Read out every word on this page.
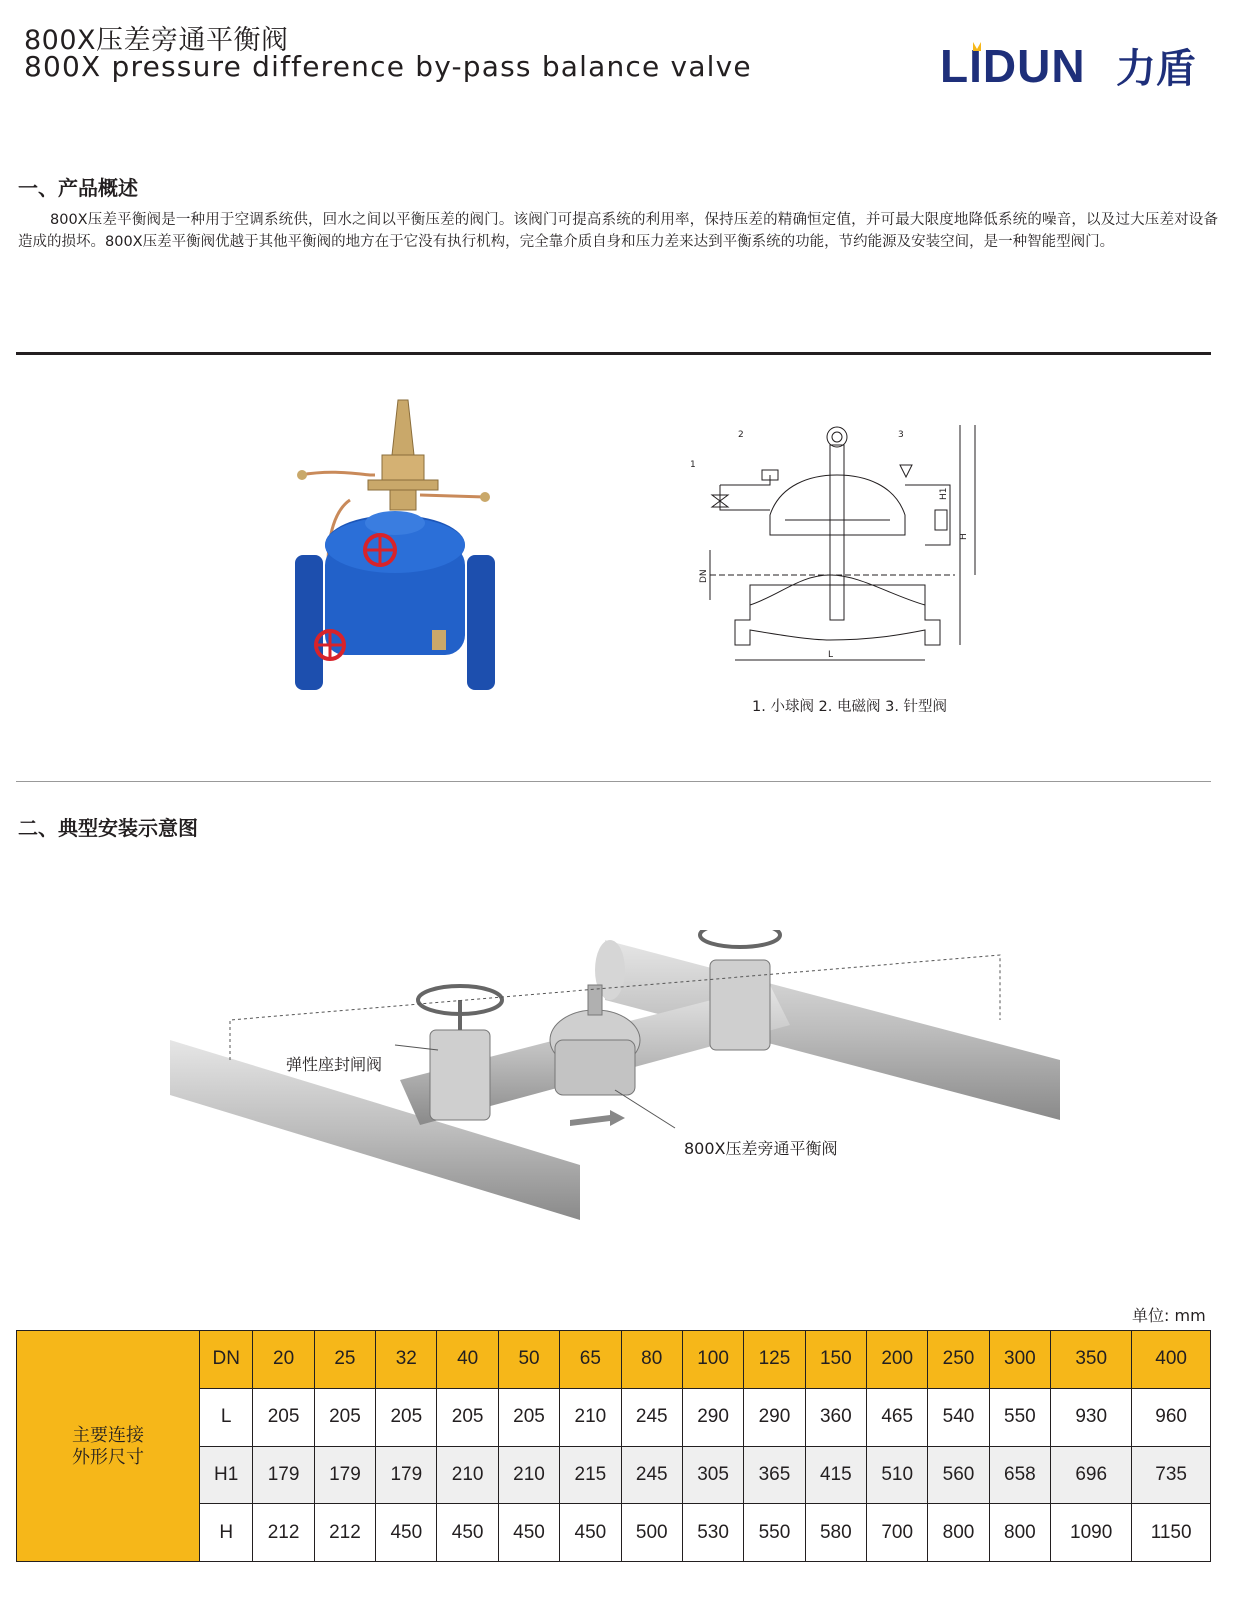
800X压差旁通平衡阀
800X pressure difference by-pass balance valve	LIDUN 力盾
一、产品概述

800X压差平衡阀是一种用于空调系统供，回水之间以平衡压差的阀门。该阀门可提高系统的利用率，保持压差的精确恒定值，并可最大限度地降低系统的噪音，以及过大压差对设备造成的损坏。800X压差平衡阀优越于其他平衡阀的地方在于它没有执行机构，完全靠介质自身和压力差来达到平衡系统的功能，节约能源及安装空间，是一种智能型阀门。

1
2	3
H1
H
DN
L
1. 小球阀 2. 电磁阀 3. 针型阀
二、典型安装示意图
弹性座封闸阀
800X压差旁通平衡阀
单位: mm
主要连接
外形尺寸	DN	20	25	32	40	50	65	80	100	125	150	200	250	300	350	400
	L	205	205	205	205	205	210	245	290	290	360	465	540	550	930	960
	H1	179	179	179	210	210	215	245	305	365	415	510	560	658	696	735
	H	212	212	450	450	450	450	500	530	550	580	700	800	800	1090	1150
